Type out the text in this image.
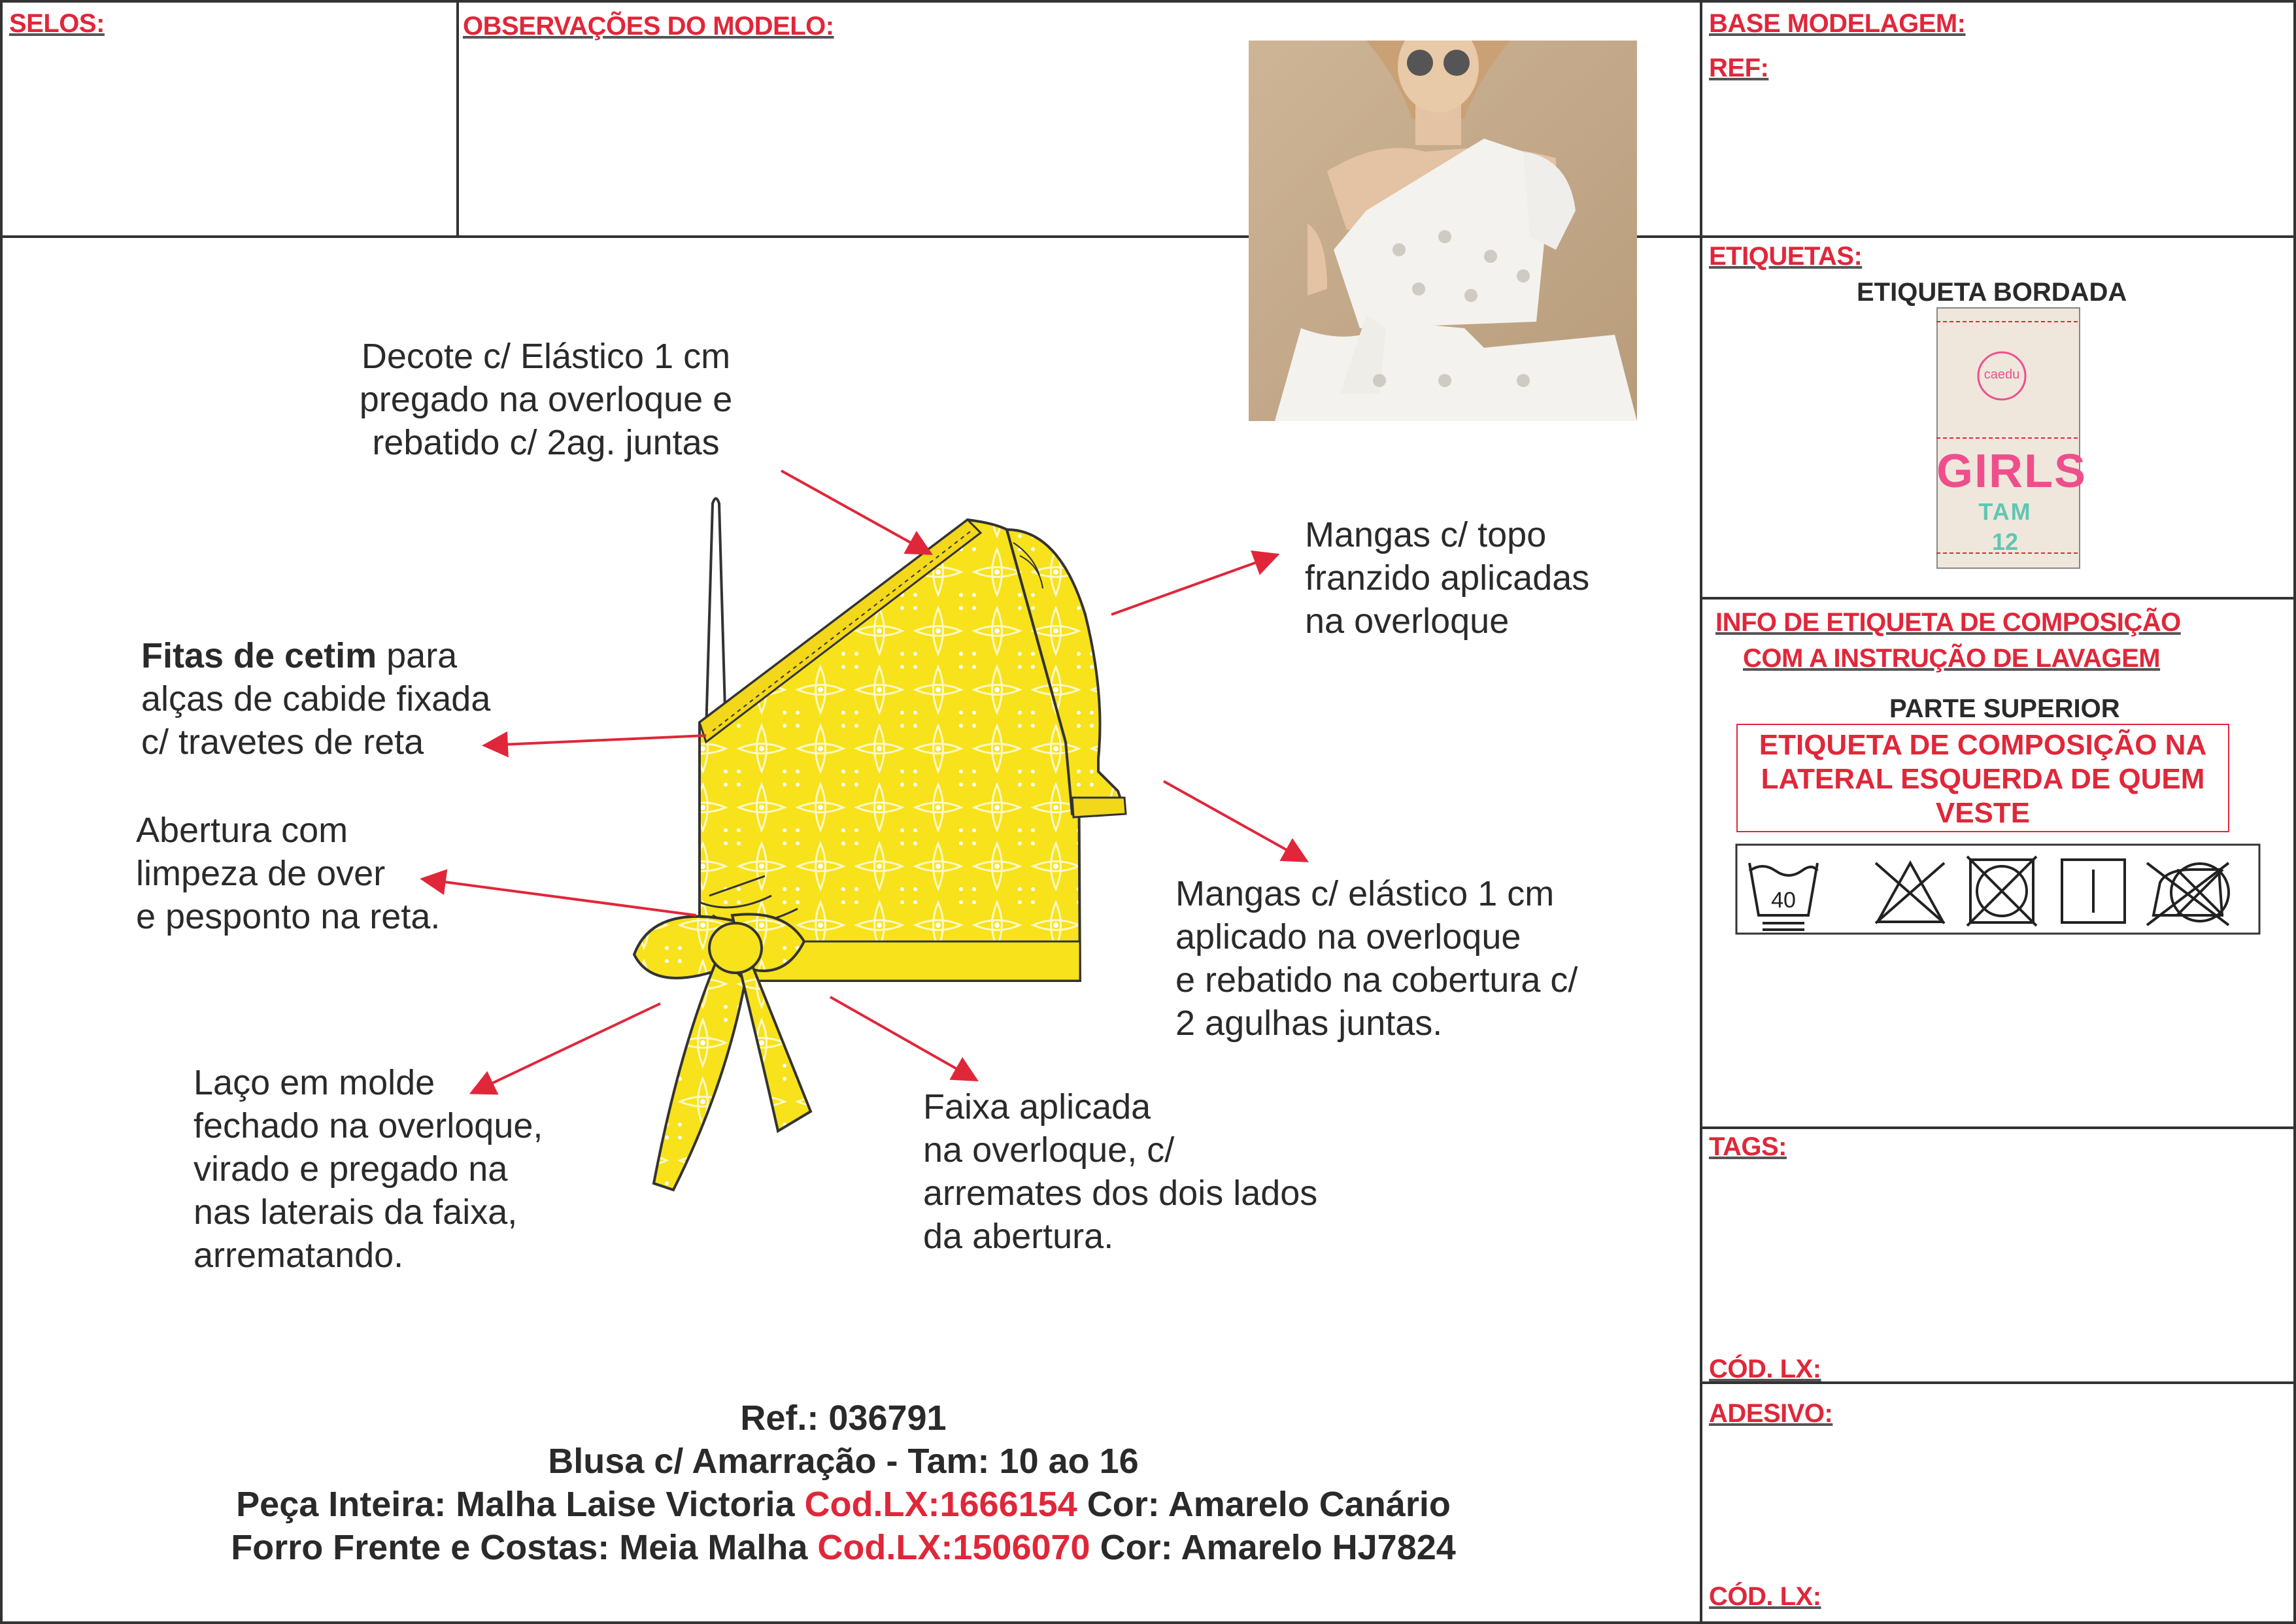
SELOS:	OBSERVAÇÕES DO MODELO:	BASE MODELAGEM:
REF:
ETIQUETAS:
INFO DE ETIQUETA DE COMPOSIÇÃO
COM A INSTRUÇÃO DE LAVAGEM
TAGS:
CÓD. LX:
ADESIVO:
CÓD. LX:
Decote c/ Elástico 1 cm
pregado na overloque e
rebatido c/ 2ag. juntas
Mangas c/ topo
franzido aplicadas
na overloque
Fitas de cetim para
alças de cabide fixada
c/ travetes de reta
Abertura com
limpeza de over
e pesponto na reta.
Mangas c/ elástico 1 cm
aplicado na overloque
e rebatido na cobertura c/
2 agulhas juntas.
Laço em molde
fechado na overloque,
virado e pregado na
nas laterais da faixa,
arrematando.
Faixa aplicada
na overloque, c/
arremates dos dois lados
da abertura.
ETIQUETA BORDADA
caedu
GIRLS
TAM
12
PARTE SUPERIOR
ETIQUETA DE COMPOSIÇÃO NA
LATERAL ESQUERDA DE QUEM
VESTE
40
Ref.: 036791
Blusa c/ Amarração - Tam: 10 ao 16
Peça Inteira: Malha Laise Victoria Cod.LX:1666154 Cor: Amarelo Canário
Forro Frente e Costas: Meia Malha Cod.LX:1506070 Cor: Amarelo HJ7824
